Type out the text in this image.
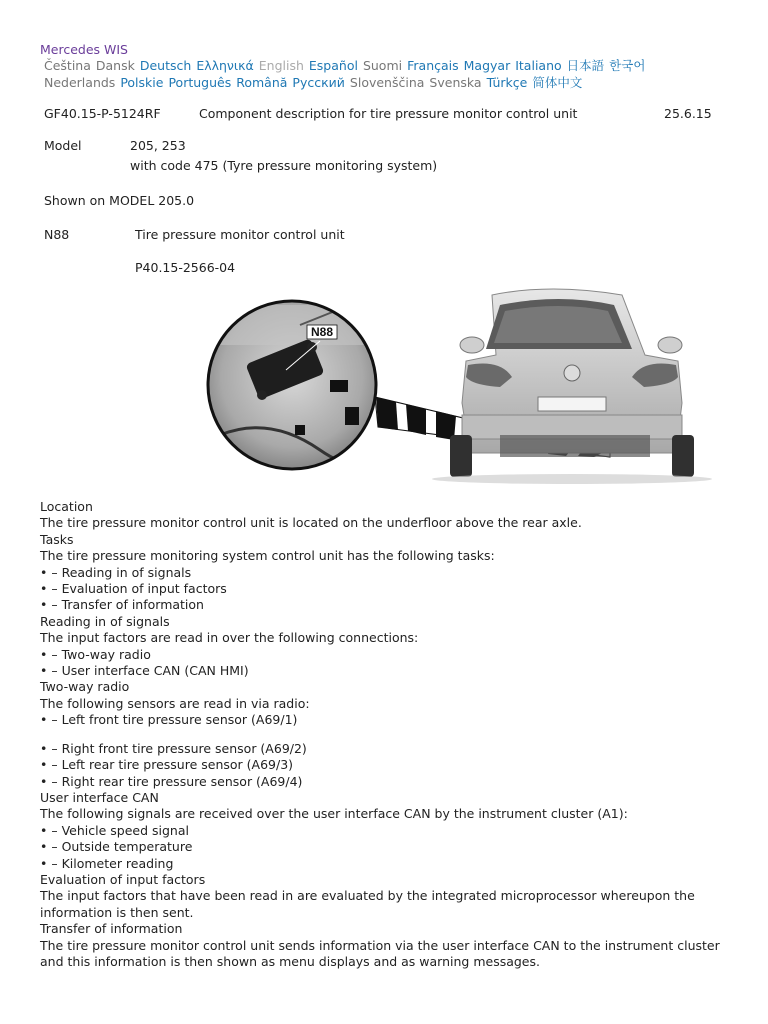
Mercedes WIS
Čeština Dansk Deutsch Ελληνικά English Español Suomi Français Magyar Italiano 日本語 한국어
Nederlands Polskie Português Română Русский Slovenščina Svenska Türkçe 简体中文
GF40.15-P-5124RF	Component description for tire pressure monitor control unit	25.6.15
Model	205, 253
with code 475 (Tyre pressure monitoring system)
Shown on MODEL 205.0
N88	Tire pressure monitor control unit
P40.15-2566-04
N88
Location
The tire pressure monitor control unit is located on the underfloor above the rear axle.
Tasks
The tire pressure monitoring system control unit has the following tasks:
• – Reading in of signals
• – Evaluation of input factors
• – Transfer of information
Reading in of signals
The input factors are read in over the following connections:
• – Two-way radio
• – User interface CAN (CAN HMI)
Two-way radio
The following sensors are read in via radio:
• – Left front tire pressure sensor (A69/1)
• – Right front tire pressure sensor (A69/2)
• – Left rear tire pressure sensor (A69/3)
• – Right rear tire pressure sensor (A69/4)
User interface CAN
The following signals are received over the user interface CAN by the instrument cluster (A1):
• – Vehicle speed signal
• – Outside temperature
• – Kilometer reading
Evaluation of input factors
The input factors that have been read in are evaluated by the integrated microprocessor whereupon the information is then sent.
Transfer of information
The tire pressure monitor control unit sends information via the user interface CAN to the instrument cluster and this information is then shown as menu displays and as warning messages.
